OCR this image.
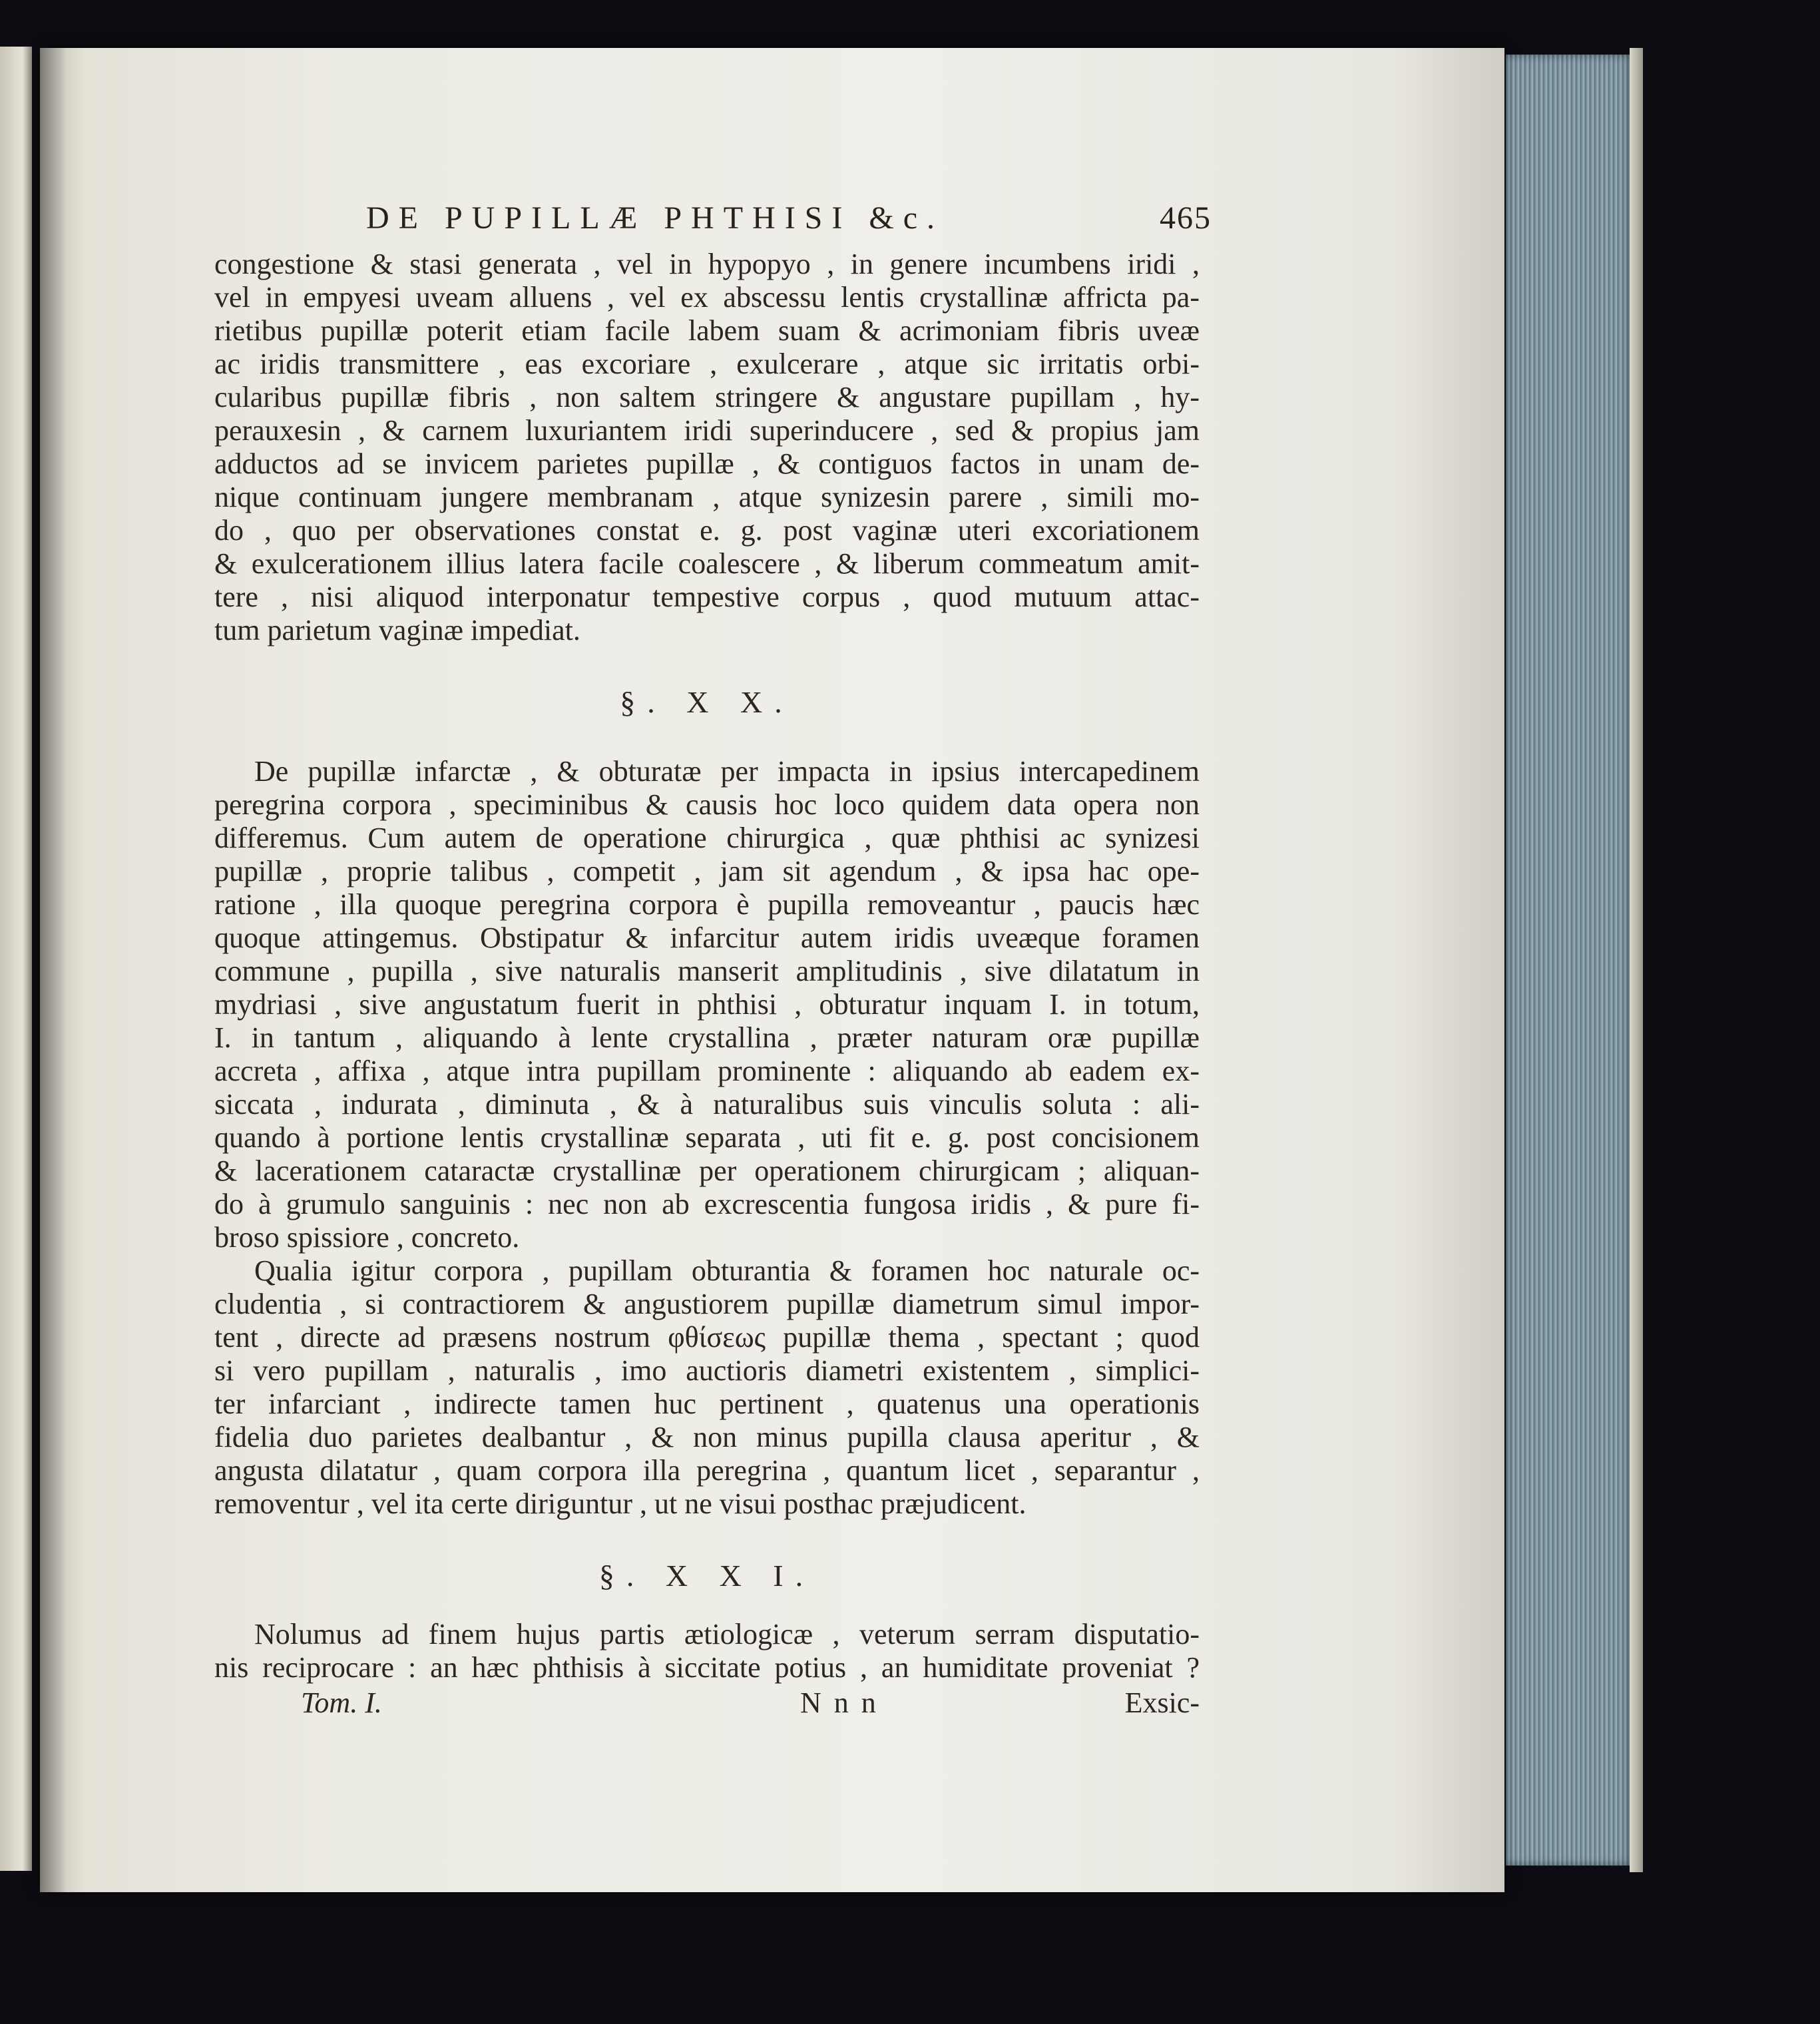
DE PUPILLÆ PHTHISI &c.	465
congestione & stasi generata , vel in hypopyo , in genere incumbens iridi ,
vel in empyesi uveam alluens , vel ex abscessu lentis crystallinæ affricta pa-
rietibus pupillæ poterit etiam facile labem suam & acrimoniam fibris uveæ
ac iridis transmittere , eas excoriare , exulcerare , atque sic irritatis orbi-
cularibus pupillæ fibris , non saltem stringere & angustare pupillam , hy-
perauxesin , & carnem luxuriantem iridi superinducere , sed & propius jam
adductos ad se invicem parietes pupillæ , & contiguos factos in unam de-
nique continuam jungere membranam , atque synizesin parere , simili mo-
do , quo per observationes constat e. g. post vaginæ uteri excoriationem
& exulcerationem illius latera facile coalescere , & liberum commeatum amit-
tere , nisi aliquod interponatur tempestive corpus , quod mutuum attac-
tum parietum vaginæ impediat.
§. X X.
De pupillæ infarctæ , & obturatæ per impacta in ipsius intercapedinem
peregrina corpora , speciminibus & causis hoc loco quidem data opera non
differemus. Cum autem de operatione chirurgica , quæ phthisi ac synizesi
pupillæ , proprie talibus , competit , jam sit agendum , & ipsa hac ope-
ratione , illa quoque peregrina corpora è pupilla removeantur , paucis hæc
quoque attingemus. Obstipatur & infarcitur autem iridis uveæque foramen
commune , pupilla , sive naturalis manserit amplitudinis , sive dilatatum in
mydriasi , sive angustatum fuerit in phthisi , obturatur inquam I. in totum,
I. in tantum , aliquando à lente crystallina , præter naturam oræ pupillæ
accreta , affixa , atque intra pupillam prominente : aliquando ab eadem ex-
siccata , indurata , diminuta , & à naturalibus suis vinculis soluta : ali-
quando à portione lentis crystallinæ separata , uti fit e. g. post concisionem
& lacerationem cataractæ crystallinæ per operationem chirurgicam ; aliquan-
do à grumulo sanguinis : nec non ab excrescentia fungosa iridis , & pure fi-
broso spissiore , concreto.
Qualia igitur corpora , pupillam obturantia & foramen hoc naturale oc-
cludentia , si contractiorem & angustiorem pupillæ diametrum simul impor-
tent , directe ad præsens nostrum φθίσεως pupillæ thema , spectant ; quod
si vero pupillam , naturalis , imo auctioris diametri existentem , simplici-
ter infarciant , indirecte tamen huc pertinent , quatenus una operationis
fidelia duo parietes dealbantur , & non minus pupilla clausa aperitur , &
angusta dilatatur , quam corpora illa peregrina , quantum licet , separantur ,
removentur , vel ita certe diriguntur , ut ne visui posthac præjudicent.
§. X X I.
Nolumus ad finem hujus partis ætiologicæ , veterum serram disputatio-
nis reciprocare : an hæc phthisis à siccitate potius , an humiditate proveniat ?
Tom. I.	N n n	Exsic-
